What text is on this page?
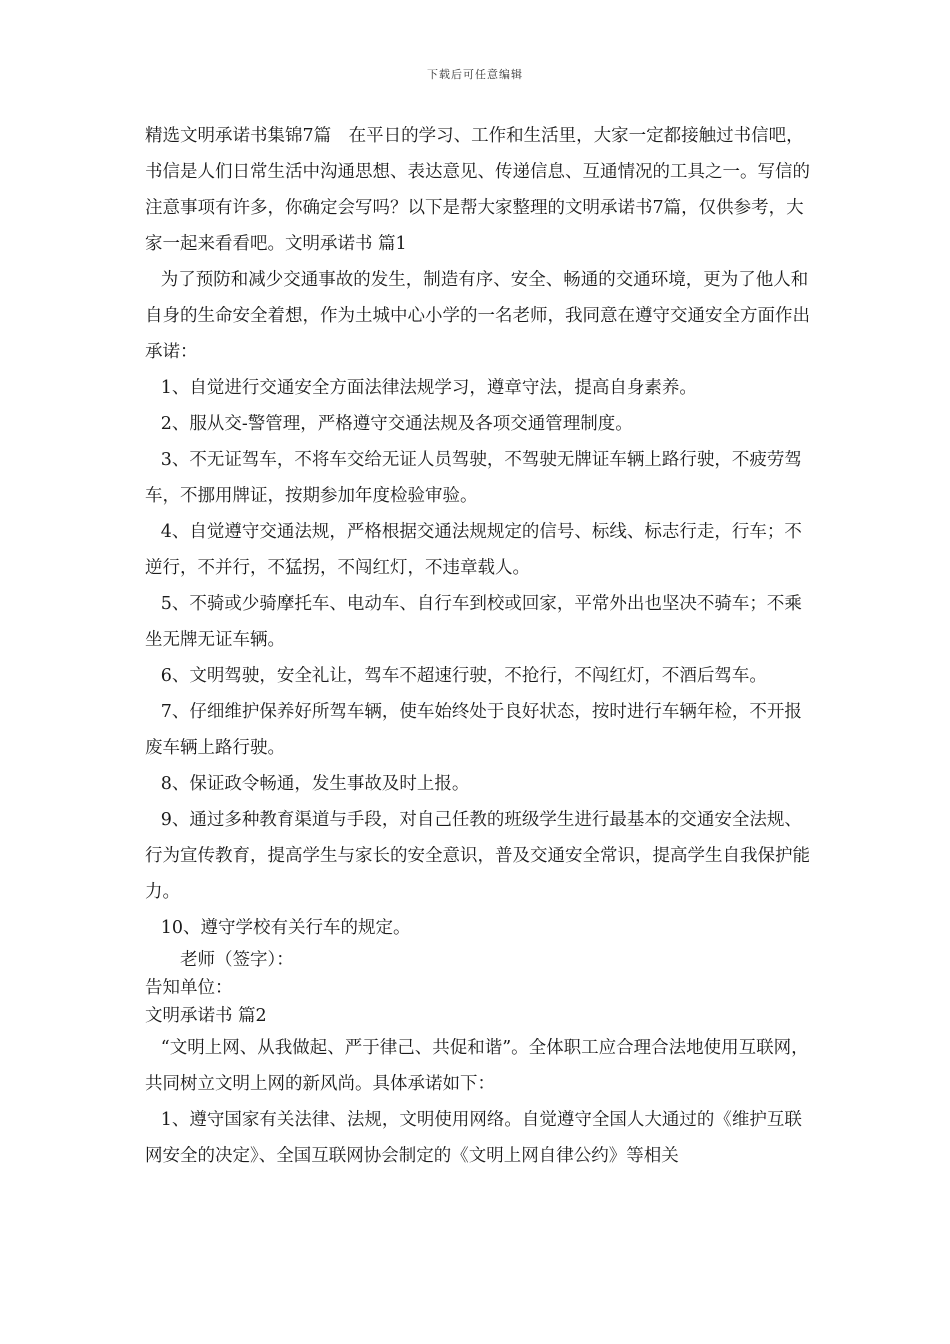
下载后可任意编辑

精选文明承诺书集锦7篇　在平日的学习、工作和生活里，大家一定都接触过书信吧，书信是人们日常生活中沟通思想、表达意见、传递信息、互通情况的工具之一。写信的注意事项有许多，你确定会写吗？以下是帮大家整理的文明承诺书7篇，仅供参考，大家一起来看看吧。文明承诺书 篇1

为了预防和减少交通事故的发生，制造有序、安全、畅通的交通环境，更为了他人和自身的生命安全着想，作为土城中心小学的一名老师，我同意在遵守交通安全方面作出承诺：

1、自觉进行交通安全方面法律法规学习，遵章守法，提高自身素养。

2、服从交-警管理，严格遵守交通法规及各项交通管理制度。

3、不无证驾车，不将车交给无证人员驾驶，不驾驶无牌证车辆上路行驶，不疲劳驾车，不挪用牌证，按期参加年度检验审验。

4、自觉遵守交通法规，严格根据交通法规规定的信号、标线、标志行走，行车；不逆行，不并行，不猛拐，不闯红灯，不违章载人。

5、不骑或少骑摩托车、电动车、自行车到校或回家，平常外出也坚决不骑车；不乘坐无牌无证车辆。

6、文明驾驶，安全礼让，驾车不超速行驶，不抢行，不闯红灯，不酒后驾车。

7、仔细维护保养好所驾车辆，使车始终处于良好状态，按时进行车辆年检，不开报废车辆上路行驶。

8、保证政令畅通，发生事故及时上报。

9、通过多种教育渠道与手段，对自己任教的班级学生进行最基本的交通安全法规、行为宣传教育，提高学生与家长的安全意识，普及交通安全常识，提高学生自我保护能力。

10、遵守学校有关行车的规定。

老师（签字）：

告知单位：

文明承诺书 篇2

“文明上网、从我做起、严于律己、共促和谐”。全体职工应合理合法地使用互联网，共同树立文明上网的新风尚。具体承诺如下：

1、遵守国家有关法律、法规，文明使用网络。自觉遵守全国人大通过的《维护互联网安全的决定》、全国互联网协会制定的《文明上网自律公约》等相关
